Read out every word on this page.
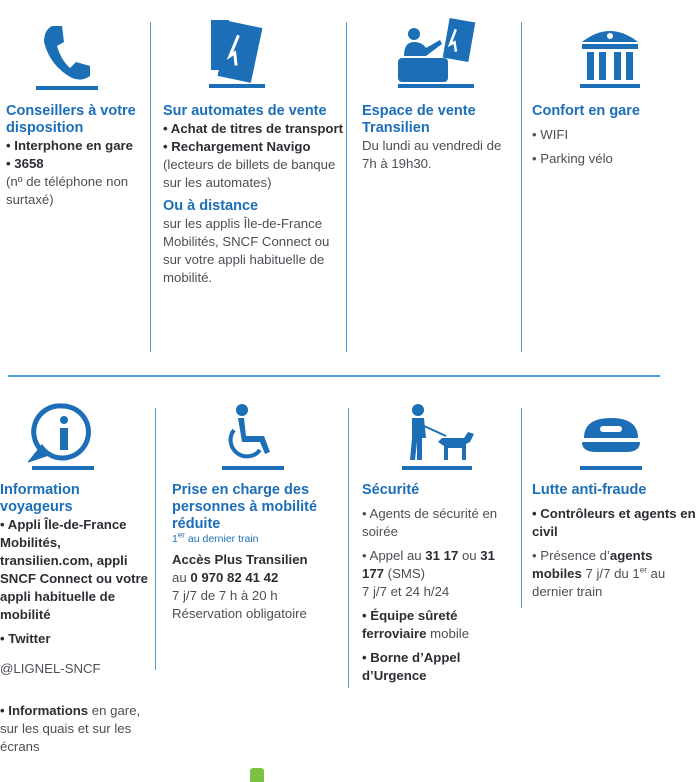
Conseillers à votre disposition
• Interphone en gare
• 3658
(nº de téléphone non surtaxé)
Sur automates de vente
• Achat de titres de transport
• Rechargement Navigo (lecteurs de billets de banque sur les automates)
Ou à distance
sur les applis Île-de-France Mobilités, SNCF Connect ou sur votre appli habituelle de mobilité.
Espace de vente Transilien
Du lundi au vendredi de 7h à 19h30.
Confort en gare
• WIFI
• Parking vélo
Information voyageurs
• Appli Île-de-France Mobilités, transilien.com, appli SNCF Connect ou votre appli habituelle de mobilité
• Twitter
@LIGNEL-SNCF
• Informations en gare, sur les quais et sur les écrans
Prise en charge des personnes à mobilité réduite
1er au dernier train
Accès Plus Transilien
au 0 970 82 41 42
7 j/7 de 7 h à 20 h
Réservation obligatoire
Sécurité
• Agents de sécurité en soirée
• Appel au 31 17 ou 31 177 (SMS)
7 j/7 et 24 h/24
• Équipe sûreté ferroviaire mobile
• Borne d’Appel d’Urgence
Lutte anti-fraude
• Contrôleurs et agents en civil
• Présence d’agents mobiles 7 j/7 du 1er au dernier train
